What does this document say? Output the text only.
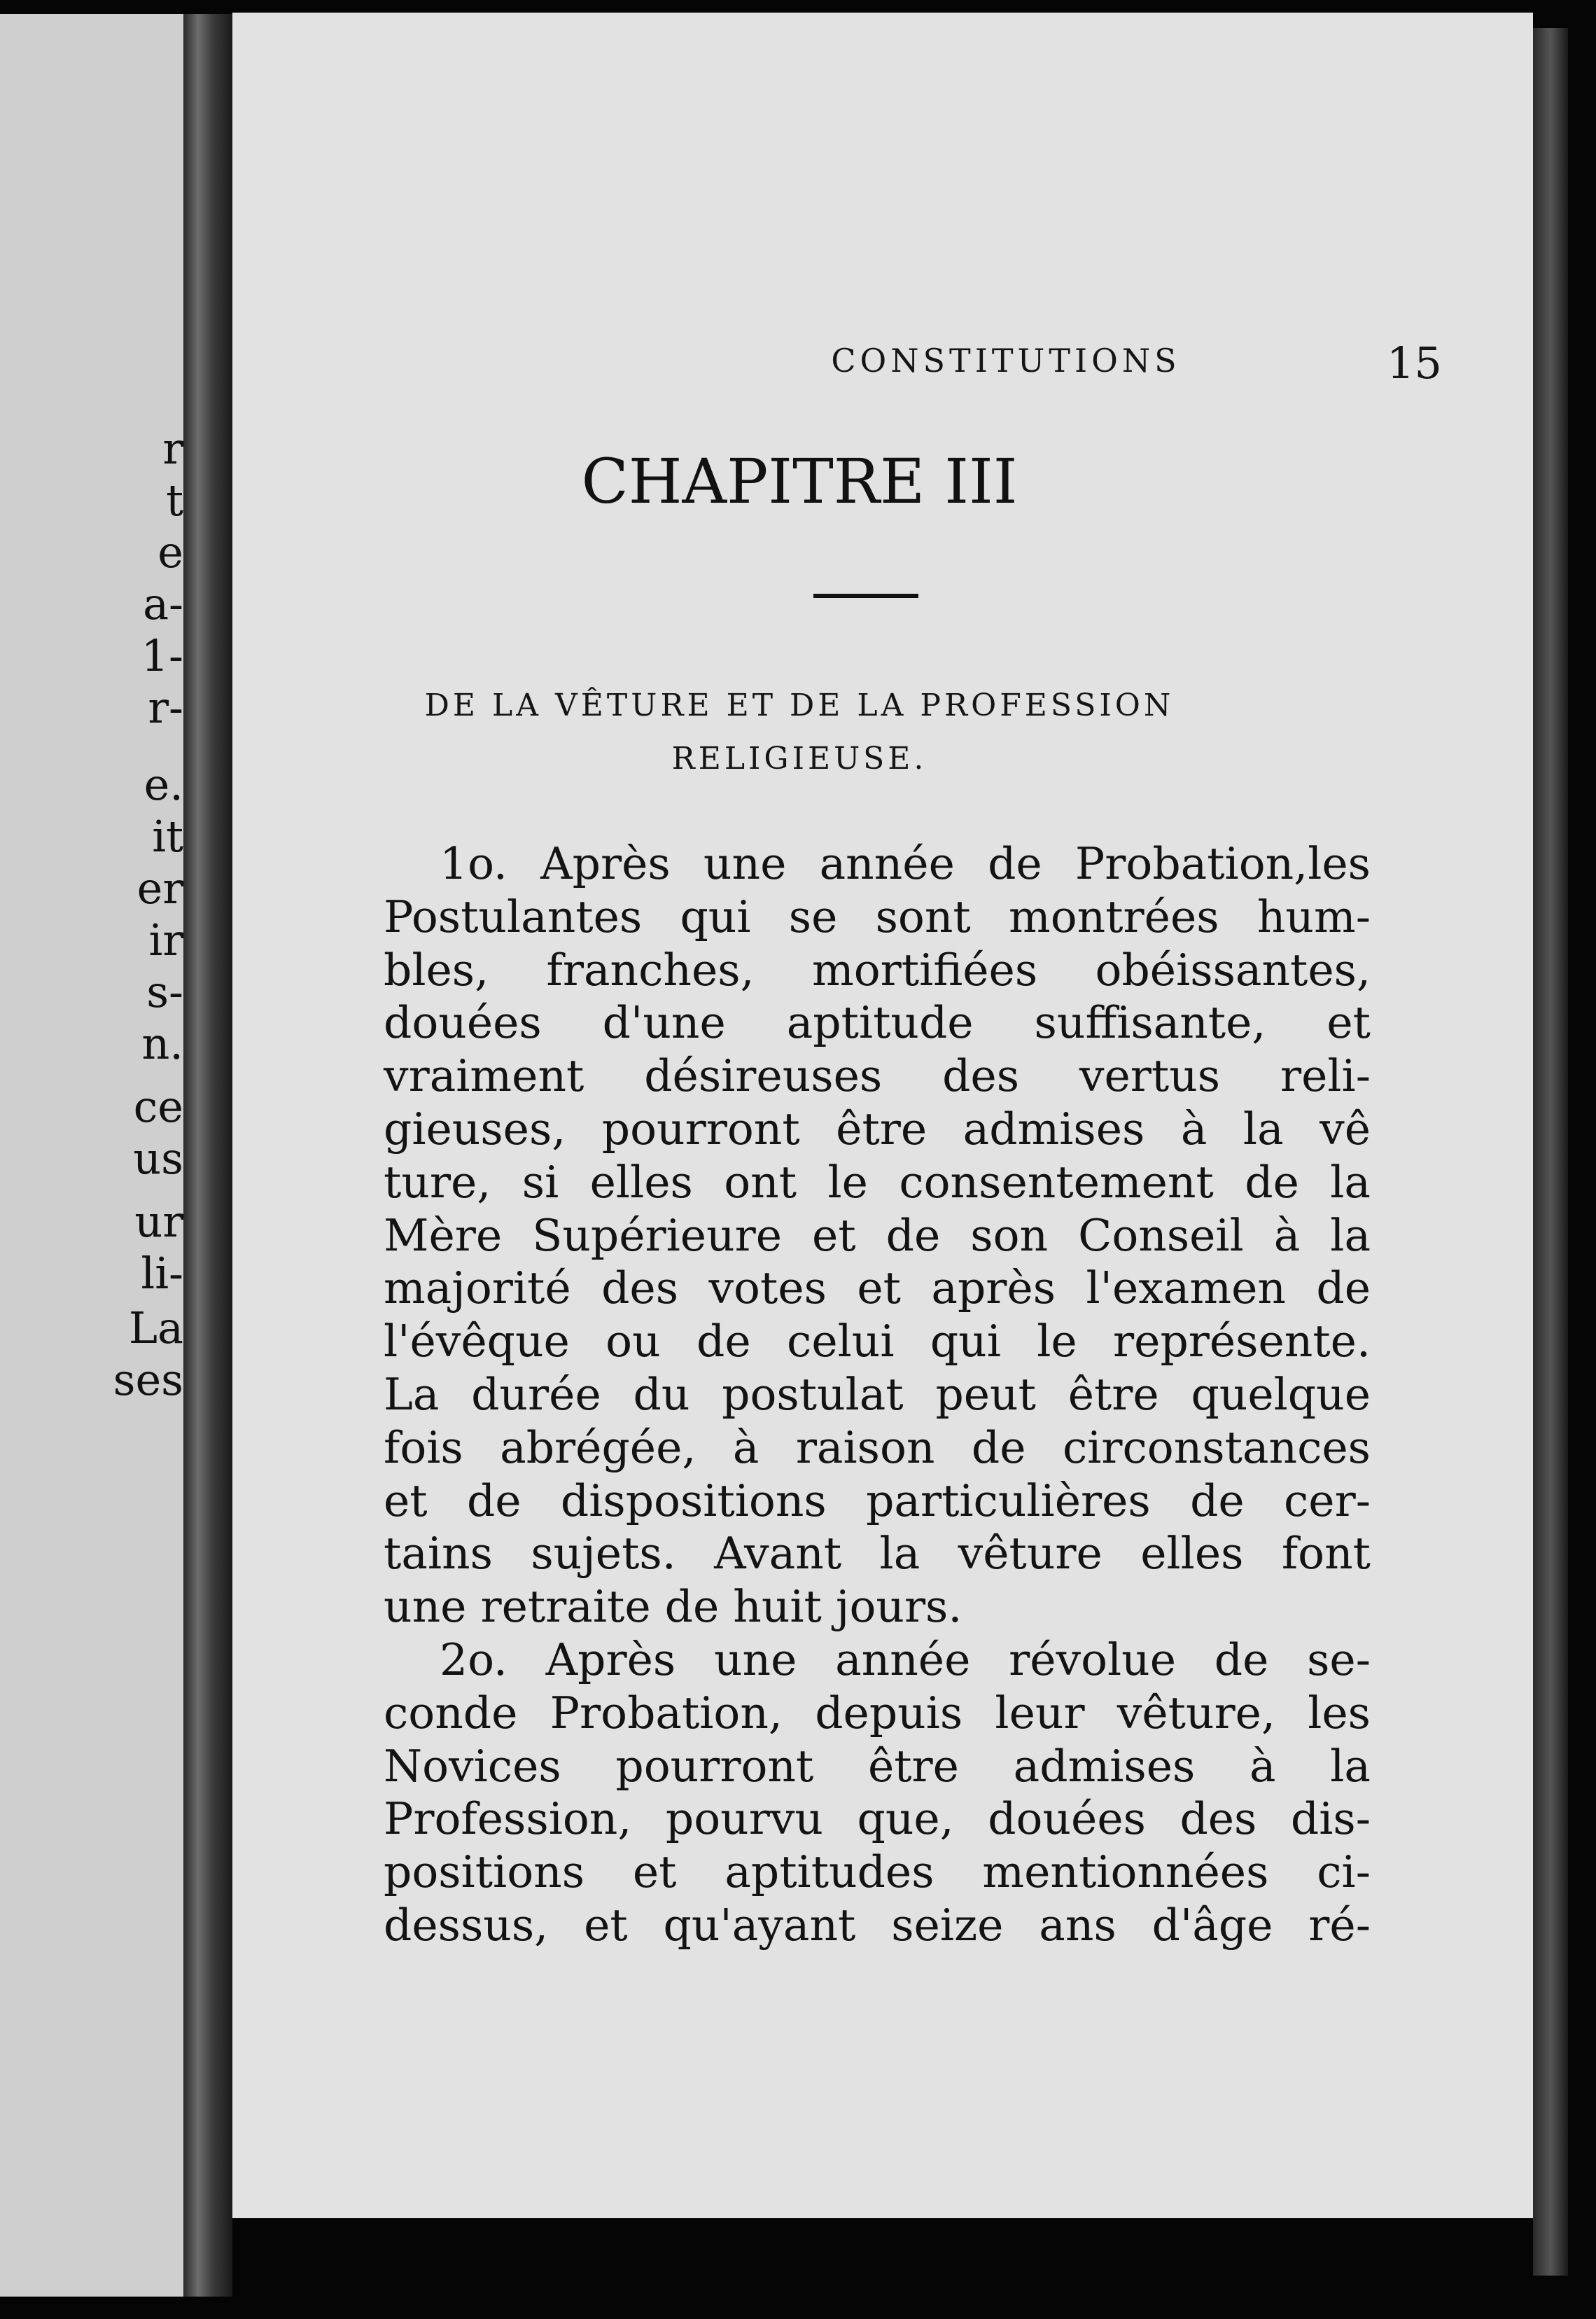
r
t
e
a-
1-
r-
e.
it
er
ir
s-
n.
ce
us
ur
li-
La
ses
CONSTITUTIONS	15
CHAPITRE III
DE LA VÊTURE ET DE LA PROFESSION
RELIGIEUSE.
1o. Après une année de Probation,les
Postulantes qui se sont montrées hum-
bles, franches, mortifiées obéissantes,
douées d'une aptitude suffisante, et
vraiment désireuses des vertus reli-
gieuses, pourront être admises à la vê
ture, si elles ont le consentement de la
Mère Supérieure et de son Conseil à la
majorité des votes et après l'examen de
l'évêque ou de celui qui le représente.
La durée du postulat peut être quelque
fois abrégée, à raison de circonstances
et de dispositions particulières de cer-
tains sujets. Avant la vêture elles font
une retraite de huit jours.
2o. Après une année révolue de se-
conde Probation, depuis leur vêture, les
Novices pourront être admises à la
Profession, pourvu que, douées des dis-
positions et aptitudes mentionnées ci-
dessus, et qu'ayant seize ans d'âge ré-
